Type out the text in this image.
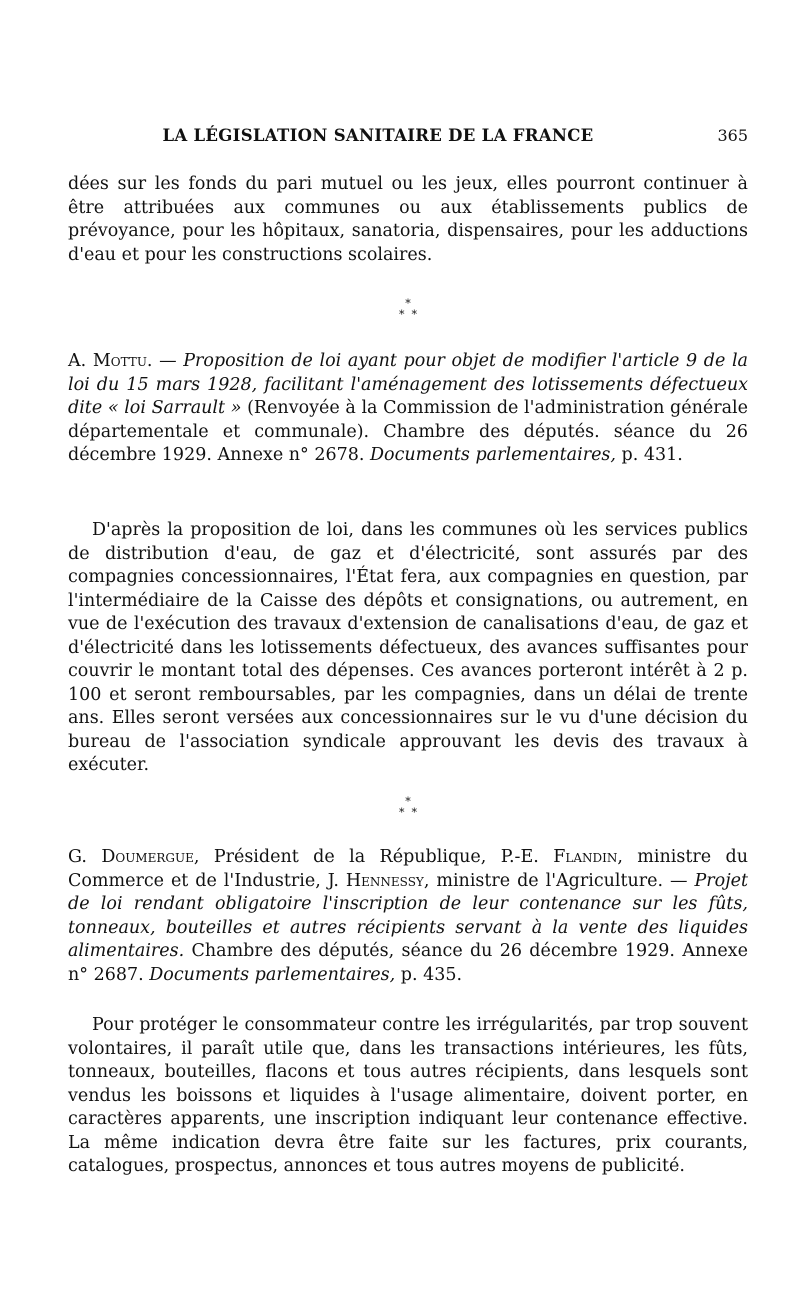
LA LÉGISLATION SANITAIRE DE LA FRANCE	365

dées sur les fonds du pari mutuel ou les jeux, elles pourront continuer à être attribuées aux communes ou aux établissements publics de prévoyance, pour les hôpitaux, sanatoria, dispensaires, pour les adductions d'eau et pour les constructions scolaires.

*
*  *

A. Mottu. — Proposition de loi ayant pour objet de modifier l'article 9 de la loi du 15 mars 1928, facilitant l'aménagement des lotissements défectueux dite « loi Sarrault » (Renvoyée à la Commission de l'administration générale départementale et communale). Chambre des députés. séance du 26 décembre 1929. Annexe n° 2678. Documents parlementaires, p. 431.

D'après la proposition de loi, dans les communes où les services publics de distribution d'eau, de gaz et d'électricité, sont assurés par des compagnies concessionnaires, l'État fera, aux compagnies en question, par l'intermédiaire de la Caisse des dépôts et consignations, ou autrement, en vue de l'exécution des travaux d'extension de canalisations d'eau, de gaz et d'électricité dans les lotissements défectueux, des avances suffisantes pour couvrir le montant total des dépenses. Ces avances porteront intérêt à 2 p. 100 et seront remboursables, par les compagnies, dans un délai de trente ans. Elles seront versées aux concessionnaires sur le vu d'une décision du bureau de l'association syndicale approuvant les devis des travaux à exécuter.

*
*  *

G. Doumergue, Président de la République, P.-E. Flandin, ministre du Commerce et de l'Industrie, J. Hennessy, ministre de l'Agriculture. — Projet de loi rendant obligatoire l'inscription de leur contenance sur les fûts, tonneaux, bouteilles et autres récipients servant à la vente des liquides alimentaires. Chambre des députés, séance du 26 décembre 1929. Annexe n° 2687. Documents parlementaires, p. 435.

Pour protéger le consommateur contre les irrégularités, par trop souvent volontaires, il paraît utile que, dans les transactions intérieures, les fûts, tonneaux, bouteilles, flacons et tous autres récipients, dans lesquels sont vendus les boissons et liquides à l'usage alimentaire, doivent porter, en caractères apparents, une inscription indiquant leur contenance effective. La même indication devra être faite sur les factures, prix courants, catalogues, prospectus, annonces et tous autres moyens de publicité.
